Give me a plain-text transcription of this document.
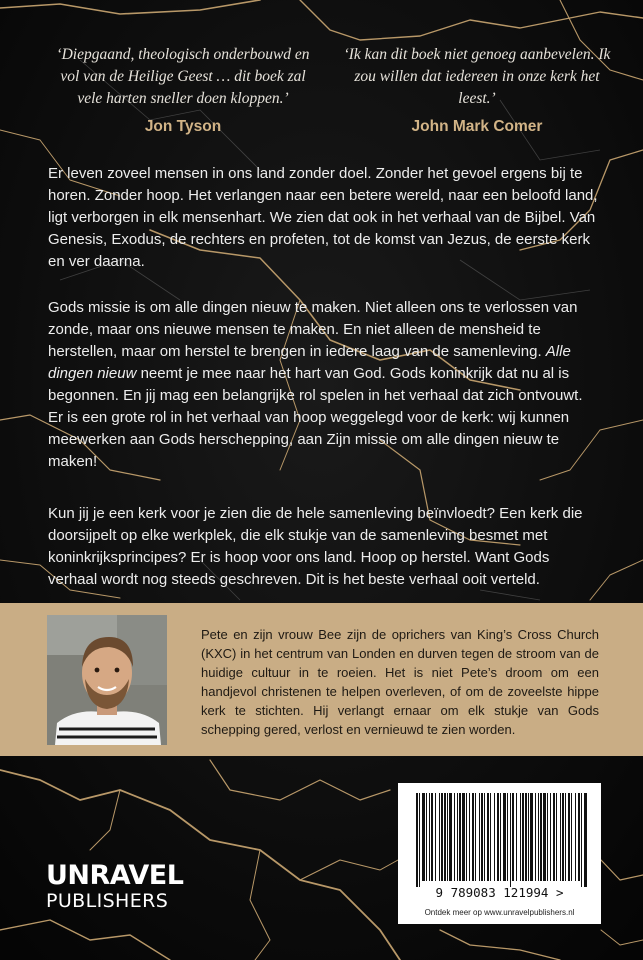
‘Diepgaand, theologisch onderbouwd en vol van de Heilige Geest … dit boek zal vele harten sneller doen kloppen.’
Jon Tyson
‘Ik kan dit boek niet genoeg aanbevelen. Ik zou willen dat iedereen in onze kerk het leest.’
John Mark Comer
Er leven zoveel mensen in ons land zonder doel. Zonder het gevoel ergens bij te horen. Zonder hoop. Het verlangen naar een betere wereld, naar een beloofd land, ligt verborgen in elk mensenhart. We zien dat ook in het verhaal van de Bijbel. Van Genesis, Exodus, de rechters en profeten, tot de komst van Jezus, de eerste kerk en ver daarna.
Gods missie is om alle dingen nieuw te maken. Niet alleen ons te verlossen van zonde, maar ons nieuwe mensen te maken. En niet alleen de mensheid te herstellen, maar om herstel te brengen in iedere laag van de samenleving. Alle dingen nieuw neemt je mee naar het hart van God. Gods koninkrijk dat nu al is begonnen. En jij mag een belangrijke rol spelen in het verhaal dat zich ontvouwt. Er is een grote rol in het verhaal van hoop weggelegd voor de kerk: wij kunnen meewerken aan Gods herschepping, aan Zijn missie om alle dingen nieuw te maken!
Kun jij je een kerk voor je zien die de hele samenleving beïnvloedt? Een kerk die doorsijpelt op elke werkplek, die elk stukje van de samenleving besmet met koninkrijksprincipes? Er is hoop voor ons land. Hoop op herstel. Want Gods verhaal wordt nog steeds geschreven. Dit is het beste verhaal ooit verteld.
Pete en zijn vrouw Bee zijn de oprichers van King’s Cross Church (KXC) in het centrum van Londen en durven tegen de stroom van de huidige cultuur in te roeien. Het is niet Pete’s droom om een handjevol christenen te helpen overleven, of om de zoveelste hippe kerk te stichten. Hij verlangt ernaar om elk stukje van Gods schepping gered, verlost en vernieuwd te zien worden.
UNRAVEL
PUBLISHERS	9 789083 121994 >
Ontdek meer op www.unravelpublishers.nl
